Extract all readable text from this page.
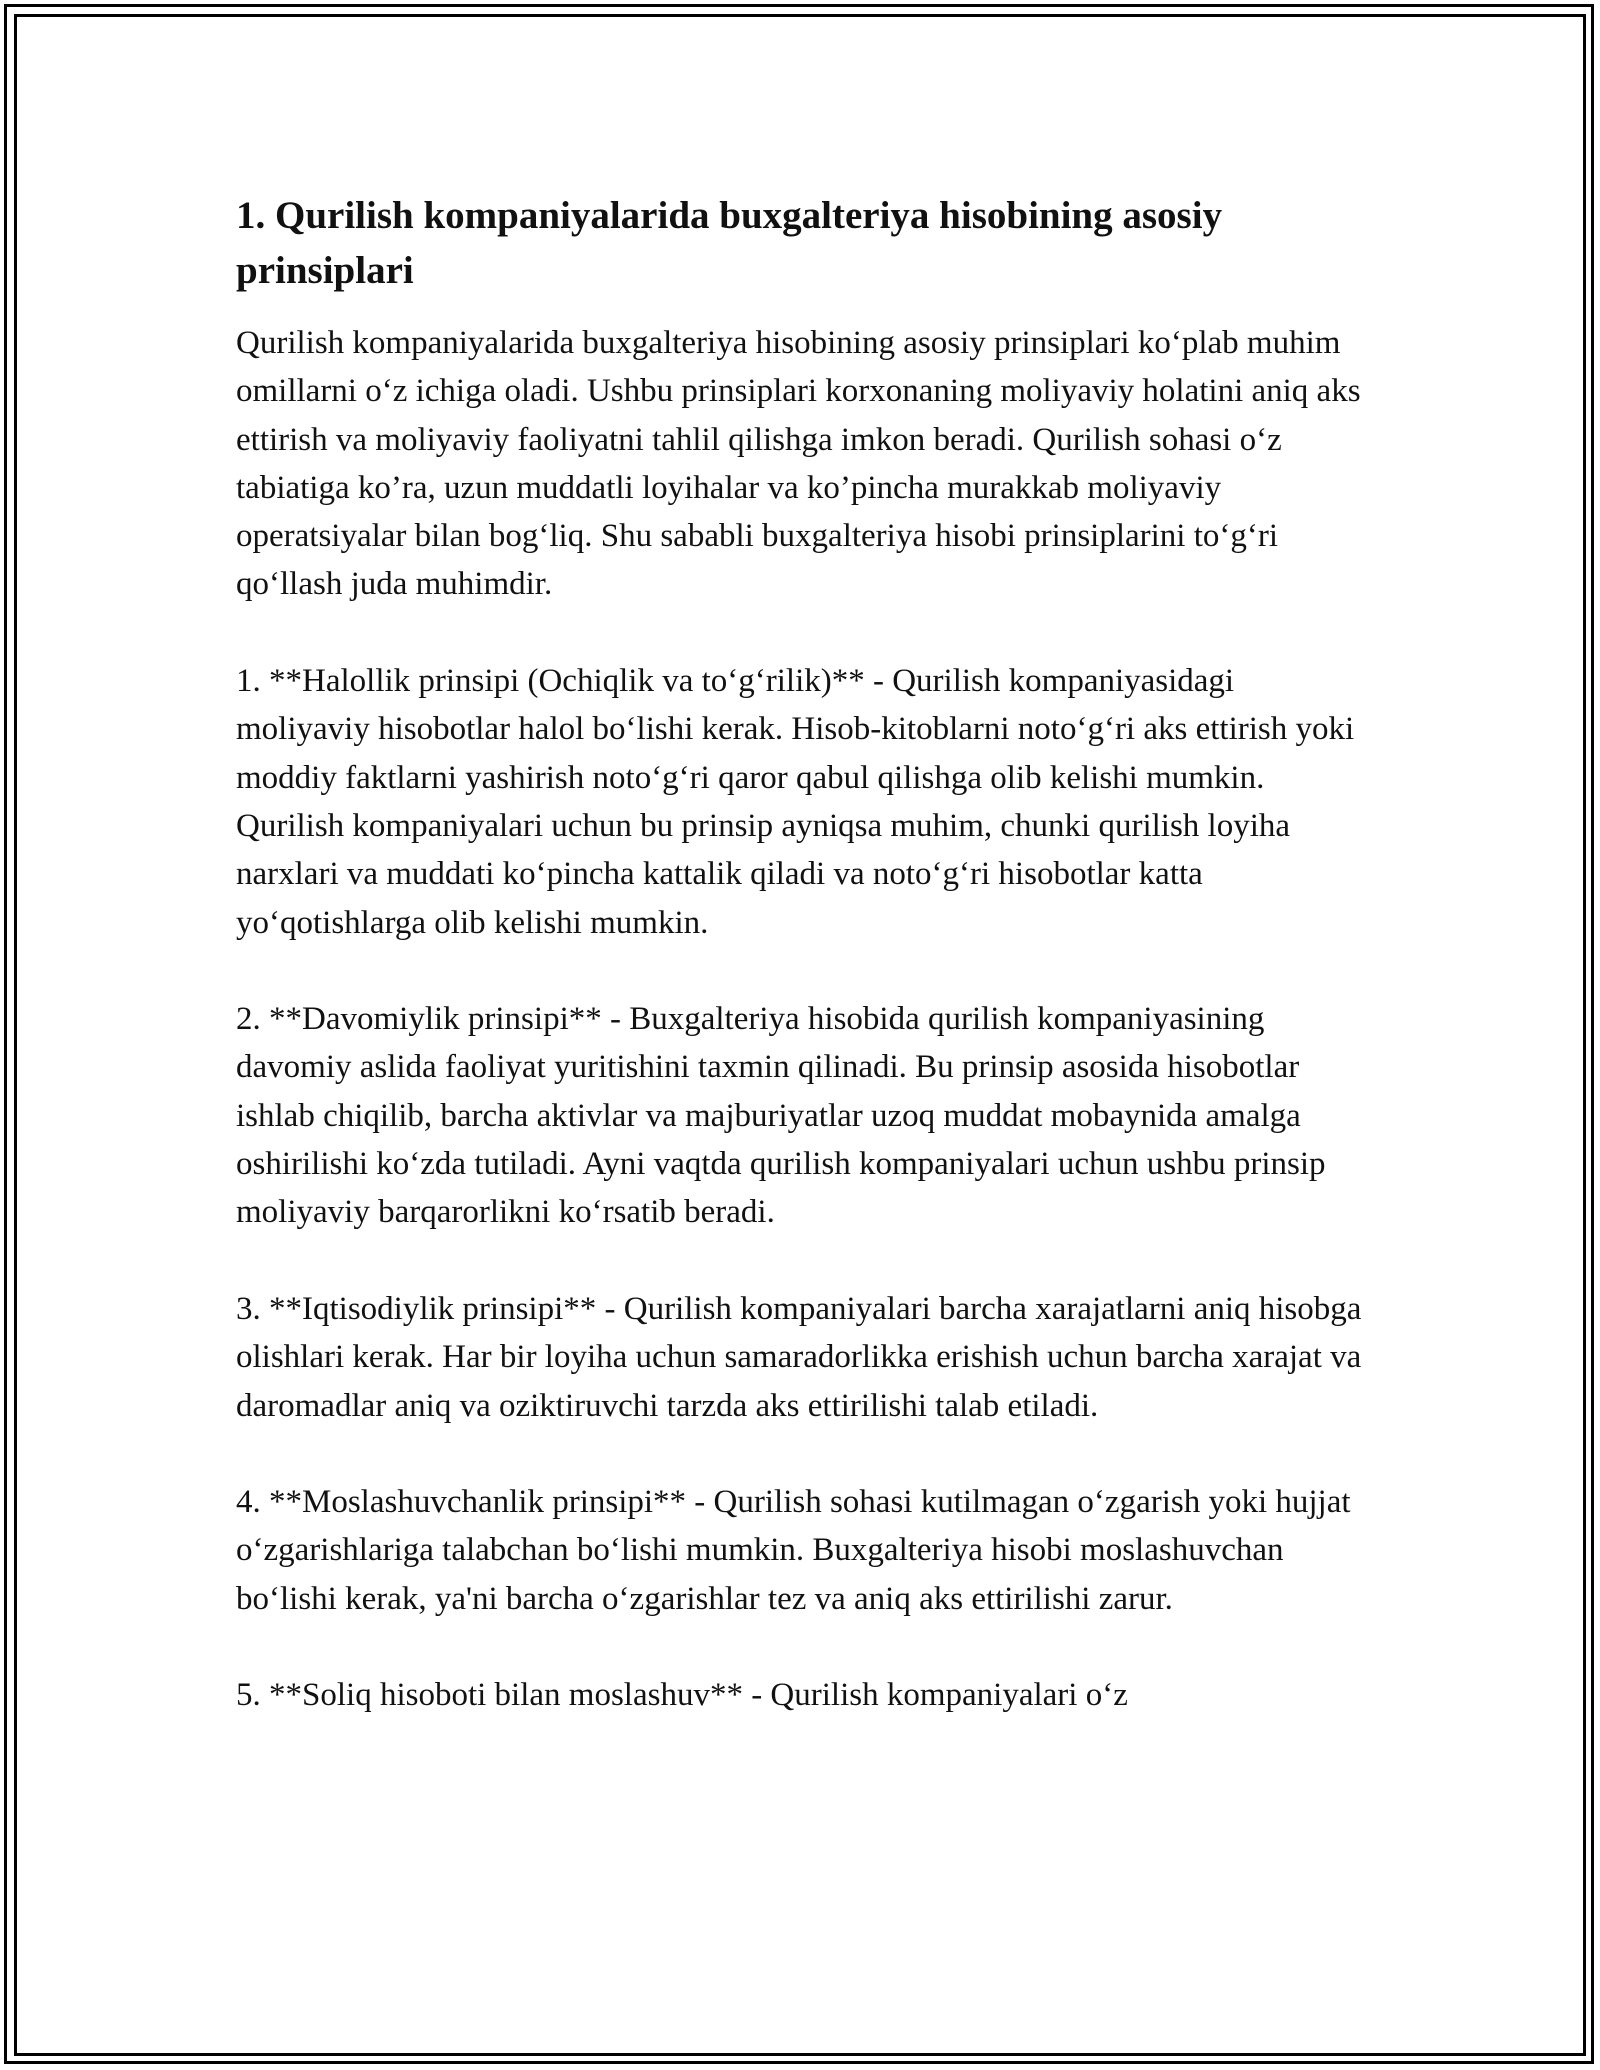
1. Qurilish kompaniyalarida buxgalteriya hisobining asosiy prinsiplari

Qurilish kompaniyalarida buxgalteriya hisobining asosiy prinsiplari ko‘plab muhim omillarni o‘z ichiga oladi. Ushbu prinsiplari korxonaning moliyaviy holatini aniq aks ettirish va moliyaviy faoliyatni tahlil qilishga imkon beradi. Qurilish sohasi o‘z tabiatiga ko’ra, uzun muddatli loyihalar va ko’pincha murakkab moliyaviy operatsiyalar bilan bog‘liq. Shu sababli buxgalteriya hisobi prinsiplarini to‘g‘ri qo‘llash juda muhimdir.

1. **Halollik prinsipi (Ochiqlik va to‘g‘rilik)** - Qurilish kompaniyasidagi moliyaviy hisobotlar halol bo‘lishi kerak. Hisob-kitoblarni noto‘g‘ri aks ettirish yoki moddiy faktlarni yashirish noto‘g‘ri qaror qabul qilishga olib kelishi mumkin. Qurilish kompaniyalari uchun bu prinsip ayniqsa muhim, chunki qurilish loyiha narxlari va muddati ko‘pincha kattalik qiladi va noto‘g‘ri hisobotlar katta yo‘qotishlarga olib kelishi mumkin.

2. **Davomiylik prinsipi** - Buxgalteriya hisobida qurilish kompaniyasining davomiy aslida faoliyat yuritishini taxmin qilinadi. Bu prinsip asosida hisobotlar ishlab chiqilib, barcha aktivlar va majburiyatlar uzoq muddat mobaynida amalga oshirilishi ko‘zda tutiladi. Ayni vaqtda qurilish kompaniyalari uchun ushbu prinsip moliyaviy barqarorlikni ko‘rsatib beradi.

3. **Iqtisodiylik prinsipi** - Qurilish kompaniyalari barcha xarajatlarni aniq hisobga olishlari kerak. Har bir loyiha uchun samaradorlikka erishish uchun barcha xarajat va daromadlar aniq va oziktiruvchi tarzda aks ettirilishi talab etiladi.

4. **Moslashuvchanlik prinsipi** - Qurilish sohasi kutilmagan o‘zgarish yoki hujjat o‘zgarishlariga talabchan bo‘lishi mumkin. Buxgalteriya hisobi moslashuvchan bo‘lishi kerak, ya'ni barcha o‘zgarishlar tez va aniq aks ettirilishi zarur.

5. **Soliq hisoboti bilan moslashuv** - Qurilish kompaniyalari o‘z
